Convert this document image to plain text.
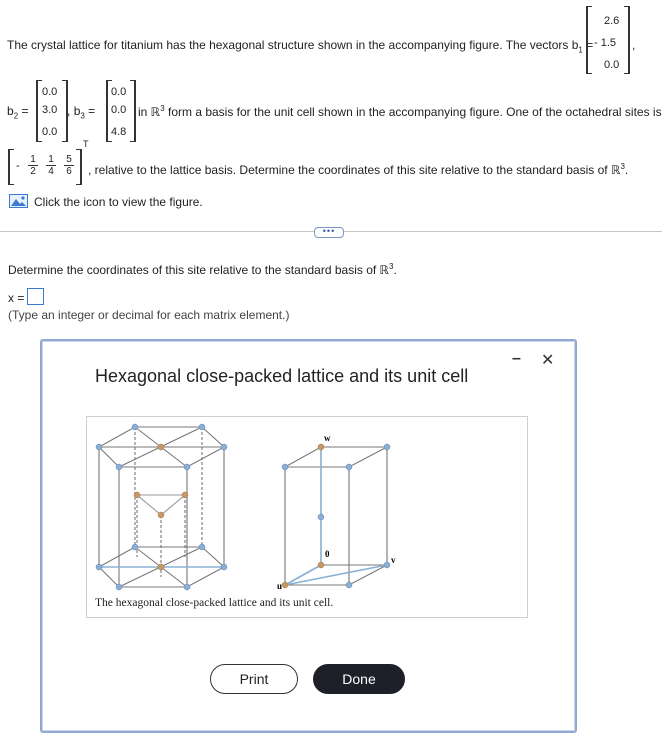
The crystal lattice for titanium has the hexagonal structure shown in the accompanying figure. The vectors $b_1$ =
2.6
- 1.5
0.0
,
$b_2$ =
0.0
3.0
0.0
, $b_3$ =
0.0
0.0
4.8
in ℝ$^3$ form a basis for the unit cell shown in the accompanying figure. One of the octahedral sites is
- $\frac{1}{2} \frac{1}{4} \frac{5}{6}$
T
, relative to the lattice basis. Determine the coordinates of this site relative to the standard basis of ℝ$^3$.
Click the icon to view the figure.
•••
Determine the coordinates of this site relative to the standard basis of ℝ$^3$.
x =
(Type an integer or decimal for each matrix element.)
Hexagonal close-packed lattice and its unit cell
– ✕
w
0
u
v
The hexagonal close-packed lattice and its unit cell.
Print	Done
